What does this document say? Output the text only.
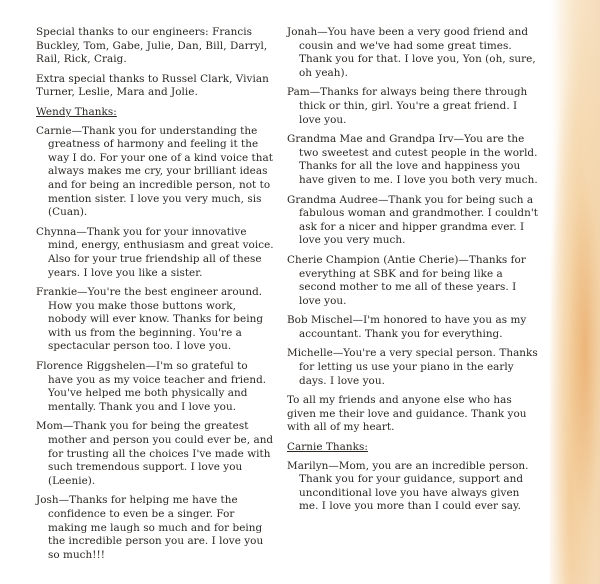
Special thanks to our engineers: Francis Buckley, Tom, Gabe, Julie, Dan, Bill, Darryl, Rail, Rick, Craig.

Extra special thanks to Russel Clark, Vivian Turner, Leslie, Mara and Jolie.

Wendy Thanks:

Carnie—Thank you for understanding the greatness of harmony and feeling it the way I do. For your one of a kind voice that always makes me cry, your brilliant ideas and for being an incredible person, not to mention sister. I love you very much, sis (Cuan).

Chynna—Thank you for your innovative mind, energy, enthusiasm and great voice. Also for your true friendship all of these years. I love you like a sister.

Frankie—You're the best engineer around. How you make those buttons work, nobody will ever know. Thanks for being with us from the beginning. You're a spectacular person too. I love you.

Florence Riggshelen—I'm so grateful to have you as my voice teacher and friend. You've helped me both physically and mentally. Thank you and I love you.

Mom—Thank you for being the greatest mother and person you could ever be, and for trusting all the choices I've made with such tremendous support. I love you (Leenie).

Josh—Thanks for helping me have the confidence to even be a singer. For making me laugh so much and for being the incredible person you are. I love you so much!!!

Jonah—You have been a very good friend and cousin and we've had some great times. Thank you for that. I love you, Yon (oh, sure, oh yeah).

Pam—Thanks for always being there through thick or thin, girl. You're a great friend. I love you.

Grandma Mae and Grandpa Irv—You are the two sweetest and cutest people in the world. Thanks for all the love and happiness you have given to me. I love you both very much.

Grandma Audree—Thank you for being such a fabulous woman and grandmother. I couldn't ask for a nicer and hipper grandma ever. I love you very much.

Cherie Champion (Antie Cherie)—Thanks for everything at SBK and for being like a second mother to me all of these years. I love you.

Bob Mischel—I'm honored to have you as my accountant. Thank you for everything.

Michelle—You're a very special person. Thanks for letting us use your piano in the early days. I love you.

To all my friends and anyone else who has given me their love and guidance. Thank you with all of my heart.

Carnie Thanks:

Marilyn—Mom, you are an incredible person. Thank you for your guidance, support and unconditional love you have always given me. I love you more than I could ever say.
